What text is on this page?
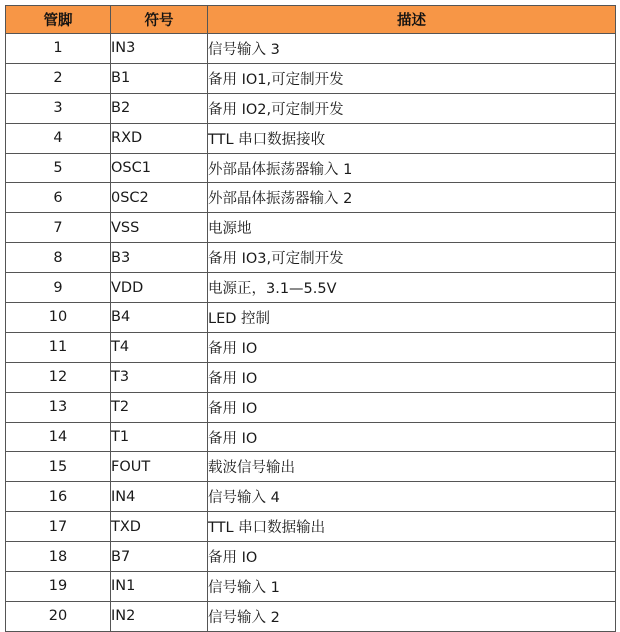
管脚	符号	描述
1	IN3	信号输入 3
2	B1	备用 IO1,可定制开发
3	B2	备用 IO2,可定制开发
4	RXD	TTL 串口数据接收
5	OSC1	外部晶体振荡器输入 1
6	0SC2	外部晶体振荡器输入 2
7	VSS	电源地
8	B3	备用 IO3,可定制开发
9	VDD	电源正，3.1—5.5V
10	B4	LED 控制
11	T4	备用 IO
12	T3	备用 IO
13	T2	备用 IO
14	T1	备用 IO
15	FOUT	载波信号输出
16	IN4	信号输入 4
17	TXD	TTL 串口数据输出
18	B7	备用 IO
19	IN1	信号输入 1
20	IN2	信号输入 2
